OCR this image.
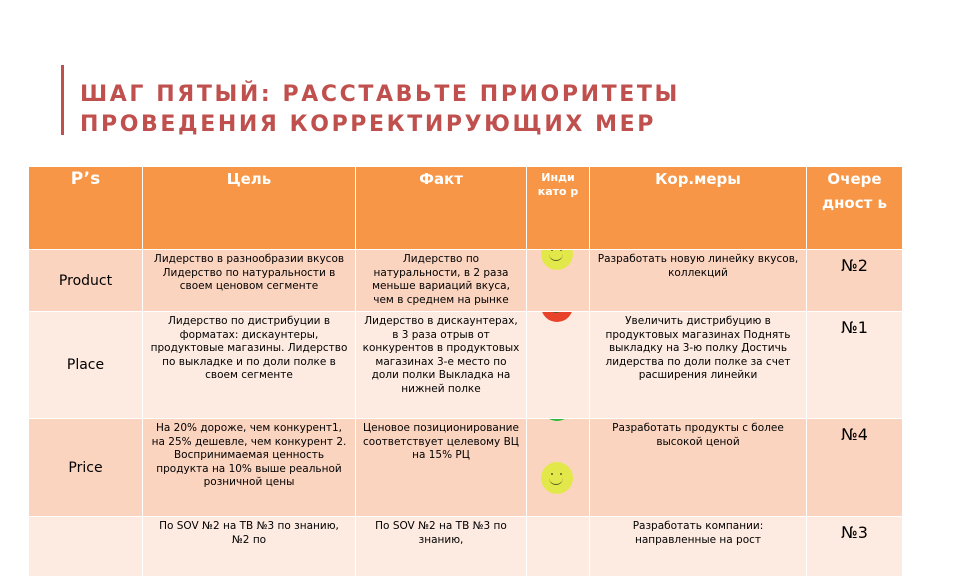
ШАГ ПЯТЫЙ: РАССТАВЬТЕ ПРИОРИТЕТЫ
ПРОВЕДЕНИЯ КОРРЕКТИРУЮЩИХ МЕР
P’s	Цель	Факт	Инди като р	Кор.меры	Очере дност ь
Product	Лидерство в разнообразии вкусов Лидерство по натуральности в своем ценовом сегменте	Лидерство по натуральности, в 2 раза меньше вариаций вкуса, чем в среднем на рынке		Разработать новую линейку вкусов, коллекций	№2
Place	Лидерство по дистрибуции в форматах: дискаунтеры, продуктовые магазины. Лидерство по выкладке и по доли полке в своем сегменте	Лидерство в дискаунтерах, в 3 раза отрыв от конкурентов в продуктовых магазинах 3-е место по доли полки Выкладка на нижней полке		Увеличить дистрибуцию в продуктовых магазинах Поднять выкладку на 3-ю полку Достичь лидерства по доли полке за счет расширения линейки	№1
Price	На 20% дороже, чем конкурент1, на 25% дешевле, чем конкурент 2. Воспринимаемая ценность продукта на 10% выше реальной розничной цены	Ценовое позиционирование соответствует целевому ВЦ на 15% РЦ		Разработать продукты с более высокой ценой	№4
	По SOV №2 на ТВ №3 по знанию, №2 по	По SOV №2 на ТВ №3 по знанию,		Разработать компании: направленные на рост	№3
